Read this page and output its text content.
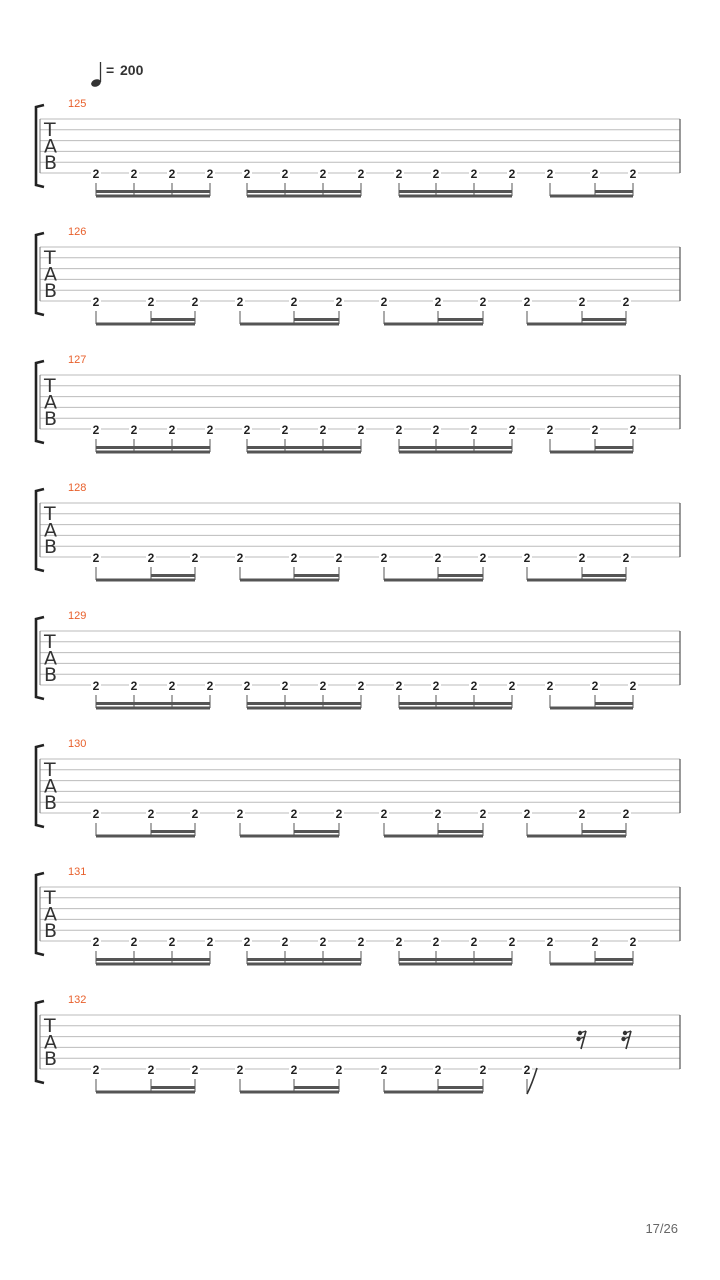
= 200
125
T
A
B	2	2	2	2	2	2	2	2	2	2	2	2	2	2	2
126
T
A
B	2	2	2	2	2	2	2	2	2	2	2	2
127
T
A
B	2	2	2	2	2	2	2	2	2	2	2	2	2	2	2
128
T
A
B	2	2	2	2	2	2	2	2	2	2	2	2
129
T
A
B	2	2	2	2	2	2	2	2	2	2	2	2	2	2	2
130
T
A
B	2	2	2	2	2	2	2	2	2	2	2	2
131
T
A
B	2	2	2	2	2	2	2	2	2	2	2	2	2	2	2
132
T
A
B	2	2	2	2	2	2	2	2	2	2
17/26
